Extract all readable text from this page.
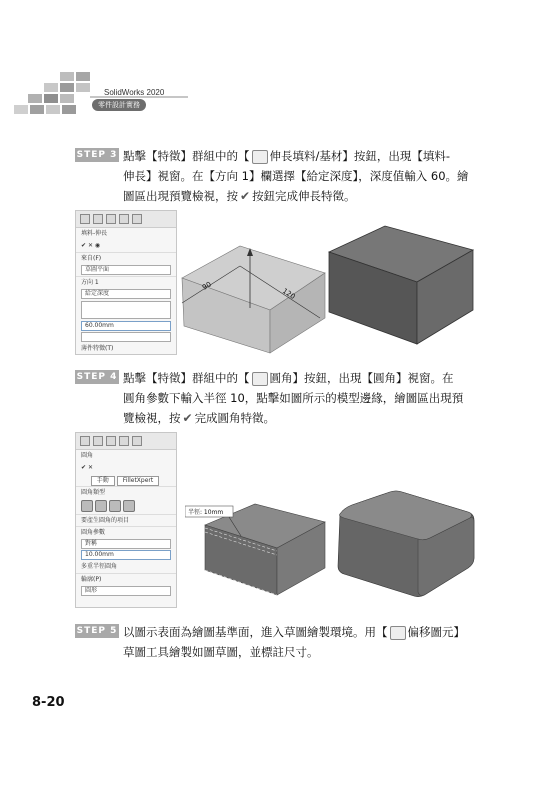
SolidWorks 2020
零件設計實務
STEP 3 點擊【特徵】群組中的【 伸長填料/基材】按鈕，出現【填料-
伸長】視窗。在【方向 1】欄選擇【給定深度】，深度值輸入 60。繪
圖區出現預覽檢視，按 ✔ 按鈕完成伸長特徵。
填料-伸長
✔ ✕ ◉
來自(F)
草圖平面
方向 1
給定深度
60.00mm
薄件特徵(T)
90
120
STEP 4 點擊【特徵】群組中的【 圓角】按鈕，出現【圓角】視窗。在
圓角參數下輸入半徑 10，點擊如圖所示的模型邊緣，繪圖區出現預
覽檢視，按 ✔ 完成圓角特徵。
圓角
✔ ✕
手動 FilletXpert
圓角類型
要產生圓角的項目
圓角參數
對稱
10.00mm
多重半徑圓角
輪廓(P)
圓形
半徑: 10mm
STEP 5 以圖示表面為繪圖基準面，進入草圖繪製環境。用【 偏移圖元】
草圖工具繪製如圖草圖，並標註尺寸。
8-20
